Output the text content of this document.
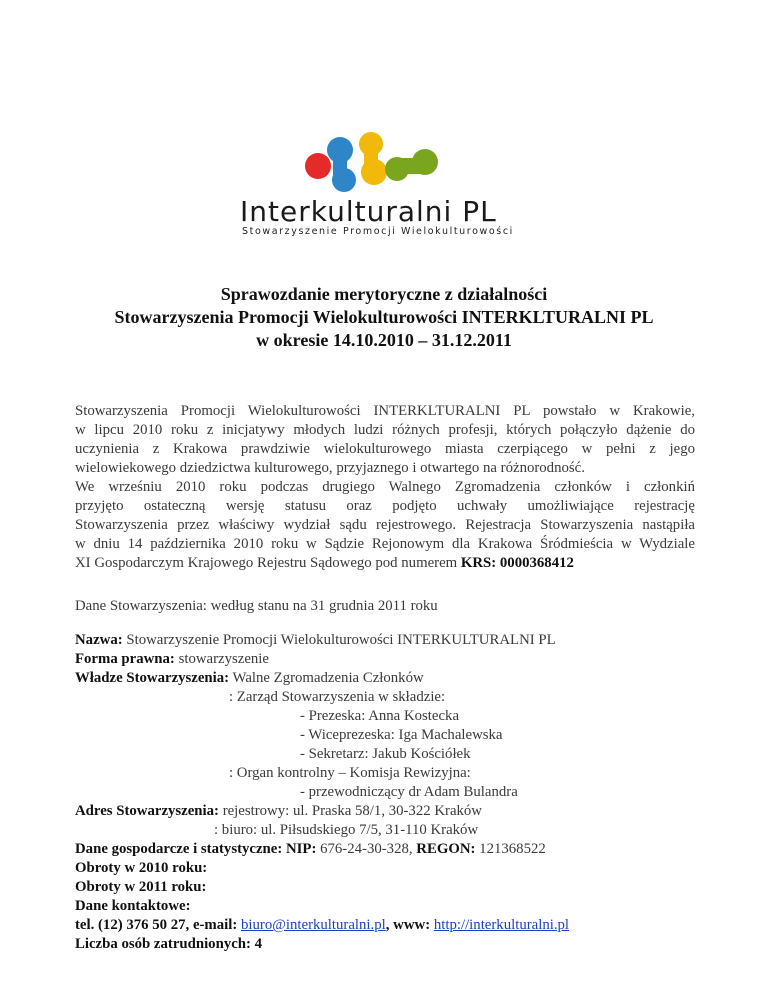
Interkulturalni PL
Stowarzyszenie Promocji Wielokulturowości
Sprawozdanie merytoryczne z działalności
Stowarzyszenia Promocji Wielokulturowości INTERKLTURALNI PL
w okresie 14.10.2010 – 31.12.2011
Stowarzyszenia Promocji Wielokulturowości INTERKLTURALNI PL powstało w Krakowie,
w lipcu 2010 roku z inicjatywy młodych ludzi różnych profesji, których połączyło dążenie do
uczynienia z Krakowa prawdziwie wielokulturowego miasta czerpiącego w pełni z jego
wielowiekowego dziedzictwa kulturowego, przyjaznego i otwartego na różnorodność.
We wrześniu 2010 roku podczas drugiego Walnego Zgromadzenia członków i członkiń
przyjęto ostateczną wersję statusu oraz podjęto uchwały umożliwiające rejestrację
Stowarzyszenia przez właściwy wydział sądu rejestrowego. Rejestracja Stowarzyszenia nastąpiła
w dniu 14 października 2010 roku w Sądzie Rejonowym dla Krakowa Śródmieścia w Wydziale
XI Gospodarczym Krajowego Rejestru Sądowego pod numerem KRS: 0000368412
Dane Stowarzyszenia: według stanu na 31 grudnia 2011 roku
Nazwa: Stowarzyszenie Promocji Wielokulturowości INTERKULTURALNI PL
Forma prawna: stowarzyszenie
Władze Stowarzyszenia: Walne Zgromadzenia Członków
: Zarząd Stowarzyszenia w składzie:
- Prezeska: Anna Kostecka
- Wiceprezeska: Iga Machalewska
- Sekretarz: Jakub Kościółek
: Organ kontrolny – Komisja Rewizyjna:
- przewodniczący dr Adam Bulandra
Adres Stowarzyszenia: rejestrowy: ul. Praska 58/1, 30-322 Kraków
: biuro: ul. Piłsudskiego 7/5, 31-110 Kraków
Dane gospodarcze i statystyczne: NIP: 676-24-30-328, REGON: 121368522
Obroty w 2010 roku:
Obroty w 2011 roku:
Dane kontaktowe:
tel. (12) 376 50 27, e-mail: biuro@interkulturalni.pl, www: http://interkulturalni.pl
Liczba osób zatrudnionych: 4
